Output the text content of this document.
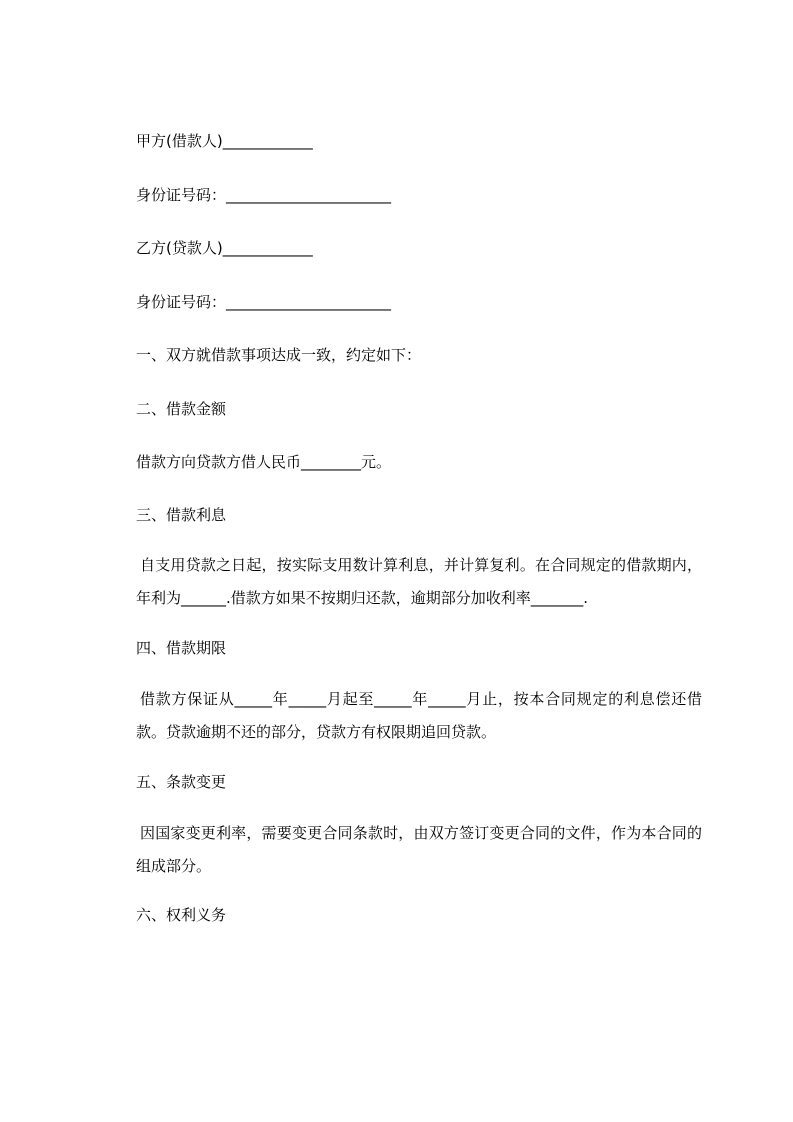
甲方(借款人)____________
身份证号码：______________________
乙方(贷款人)____________
身份证号码：______________________
一、双方就借款事项达成一致，约定如下：
二、借款金额
借款方向贷款方借人民币________元。
三、借款利息
自支用贷款之日起，按实际支用数计算利息，并计算复利。在合同规定的借款期内，年利为______.借款方如果不按期归还款，逾期部分加收利率_______.
四、借款期限
借款方保证从_____年_____月起至_____年_____月止，按本合同规定的利息偿还借款。贷款逾期不还的部分，贷款方有权限期追回贷款。
五、条款变更
因国家变更利率，需要变更合同条款时，由双方签订变更合同的文件，作为本合同的组成部分。
六、权利义务
